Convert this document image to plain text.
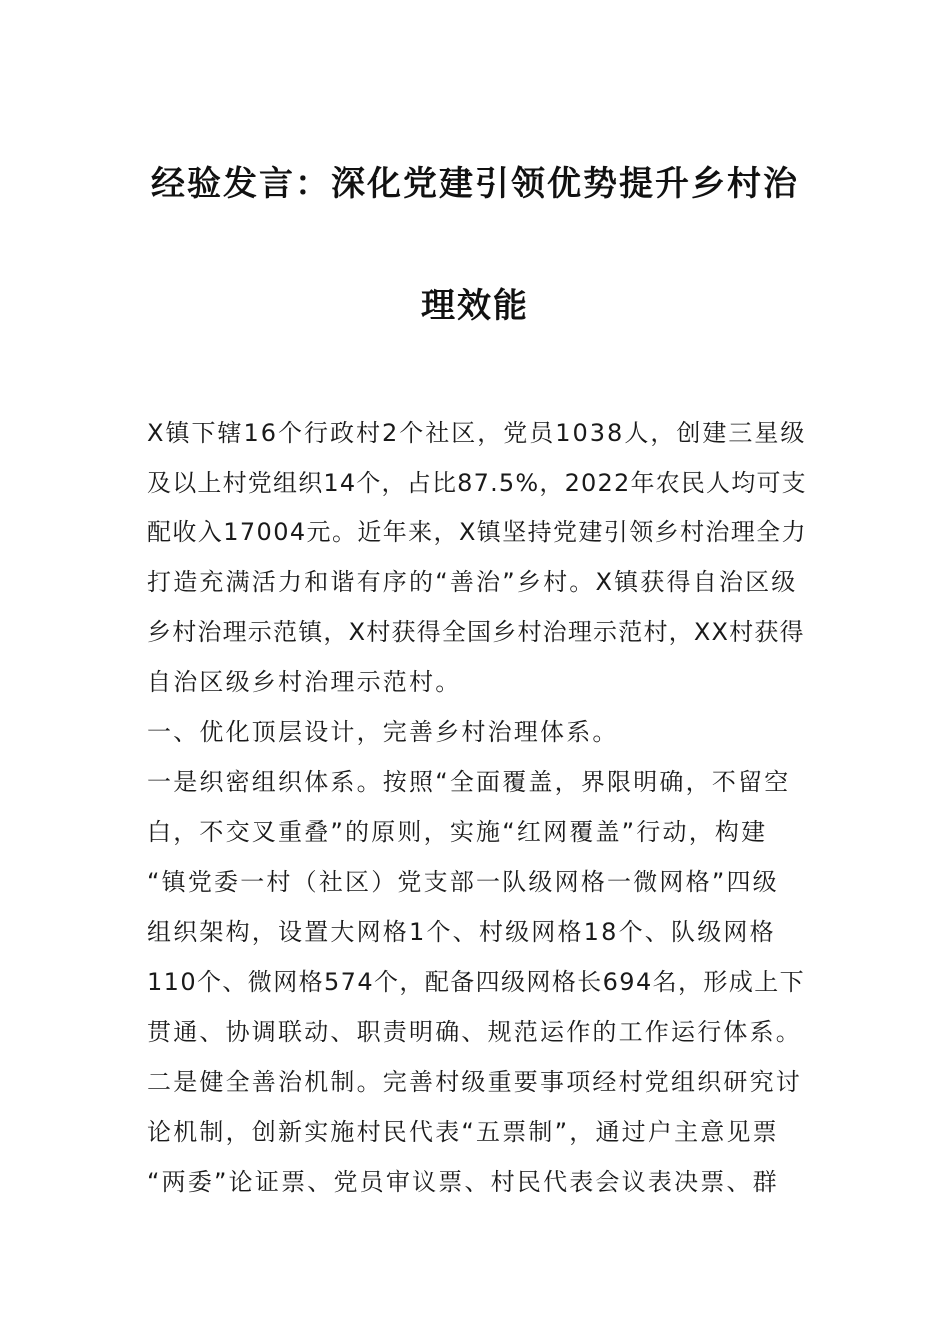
经验发言：深化党建引领优势提升乡村治
理效能
X镇下辖16个行政村2个社区，党员1038人，创建三星级
及以上村党组织14个，占比87.5%，2022年农民人均可支
配收入17004元。近年来，X镇坚持党建引领乡村治理全力
打造充满活力和谐有序的“善治”乡村。X镇获得自治区级
乡村治理示范镇，X村获得全国乡村治理示范村，XX村获得
自治区级乡村治理示范村。
一、优化顶层设计，完善乡村治理体系。
一是织密组织体系。按照“全面覆盖，界限明确，不留空
白，不交叉重叠”的原则，实施“红网覆盖”行动，构建
“镇党委一村（社区）党支部一队级网格一微网格”四级
组织架构，设置大网格1个、村级网格18个、队级网格
110个、微网格574个，配备四级网格长694名，形成上下
贯通、协调联动、职责明确、规范运作的工作运行体系。
二是健全善治机制。完善村级重要事项经村党组织研究讨
论机制，创新实施村民代表“五票制”，通过户主意见票
“两委”论证票、党员审议票、村民代表会议表决票、群
